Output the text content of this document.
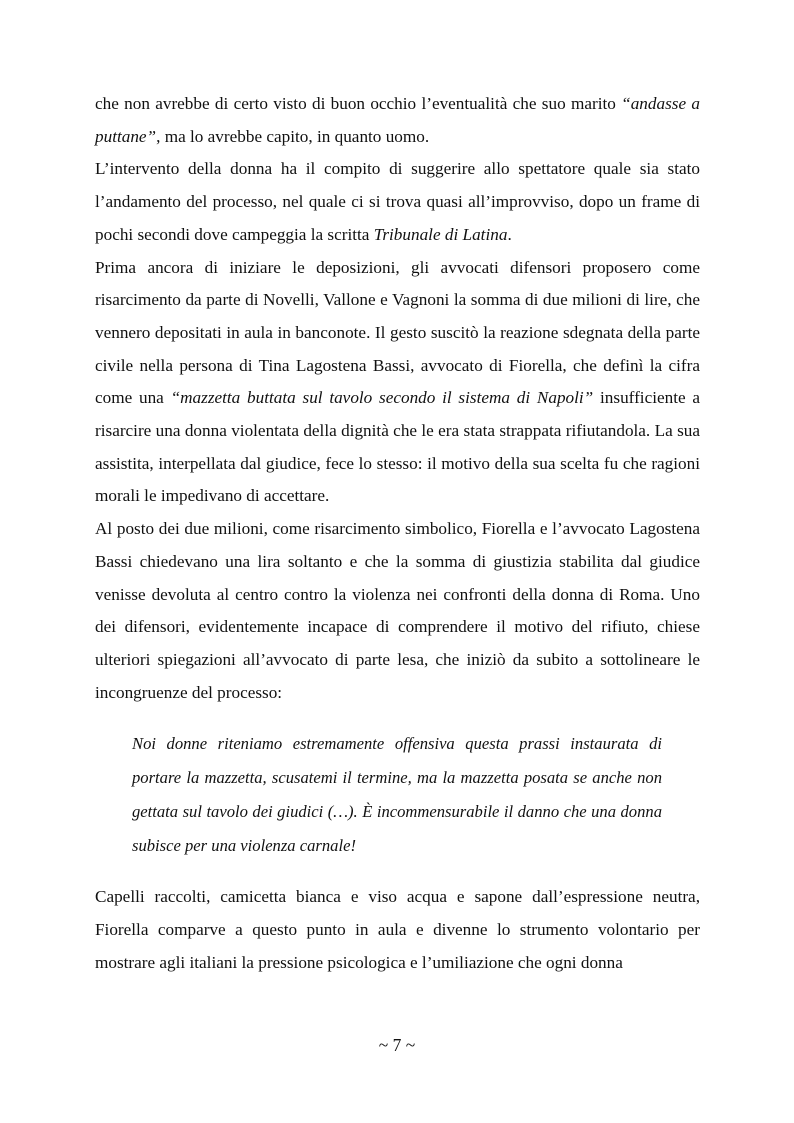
che non avrebbe di certo visto di buon occhio l’eventualità che suo marito “andasse a puttane”, ma lo avrebbe capito, in quanto uomo.

L’intervento della donna ha il compito di suggerire allo spettatore quale sia stato l’andamento del processo, nel quale ci si trova quasi all’improvviso, dopo un frame di pochi secondi dove campeggia la scritta Tribunale di Latina.

Prima ancora di iniziare le deposizioni, gli avvocati difensori proposero come risarcimento da parte di Novelli, Vallone e Vagnoni la somma di due milioni di lire, che vennero depositati in aula in banconote. Il gesto suscitò la reazione sdegnata della parte civile nella persona di Tina Lagostena Bassi, avvocato di Fiorella, che definì la cifra come una “mazzetta buttata sul tavolo secondo il sistema di Napoli” insufficiente a risarcire una donna violentata della dignità che le era stata strappata rifiutandola. La sua assistita, interpellata dal giudice, fece lo stesso: il motivo della sua scelta fu che ragioni morali le impedivano di accettare.

Al posto dei due milioni, come risarcimento simbolico, Fiorella e l’avvocato Lagostena Bassi chiedevano una lira soltanto e che la somma di giustizia stabilita dal giudice venisse devoluta al centro contro la violenza nei confronti della donna di Roma. Uno dei difensori, evidentemente incapace di comprendere il motivo del rifiuto, chiese ulteriori spiegazioni all’avvocato di parte lesa, che iniziò da subito a sottolineare le incongruenze del processo:

Noi donne riteniamo estremamente offensiva questa prassi instaurata di portare la mazzetta, scusatemi il termine, ma la mazzetta posata se anche non gettata sul tavolo dei giudici (…). È incommensurabile il danno che una donna subisce per una violenza carnale!

Capelli raccolti, camicetta bianca e viso acqua e sapone dall’espressione neutra, Fiorella comparve a questo punto in aula e divenne lo strumento volontario per mostrare agli italiani la pressione psicologica e l’umiliazione che ogni donna

~ 7 ~
